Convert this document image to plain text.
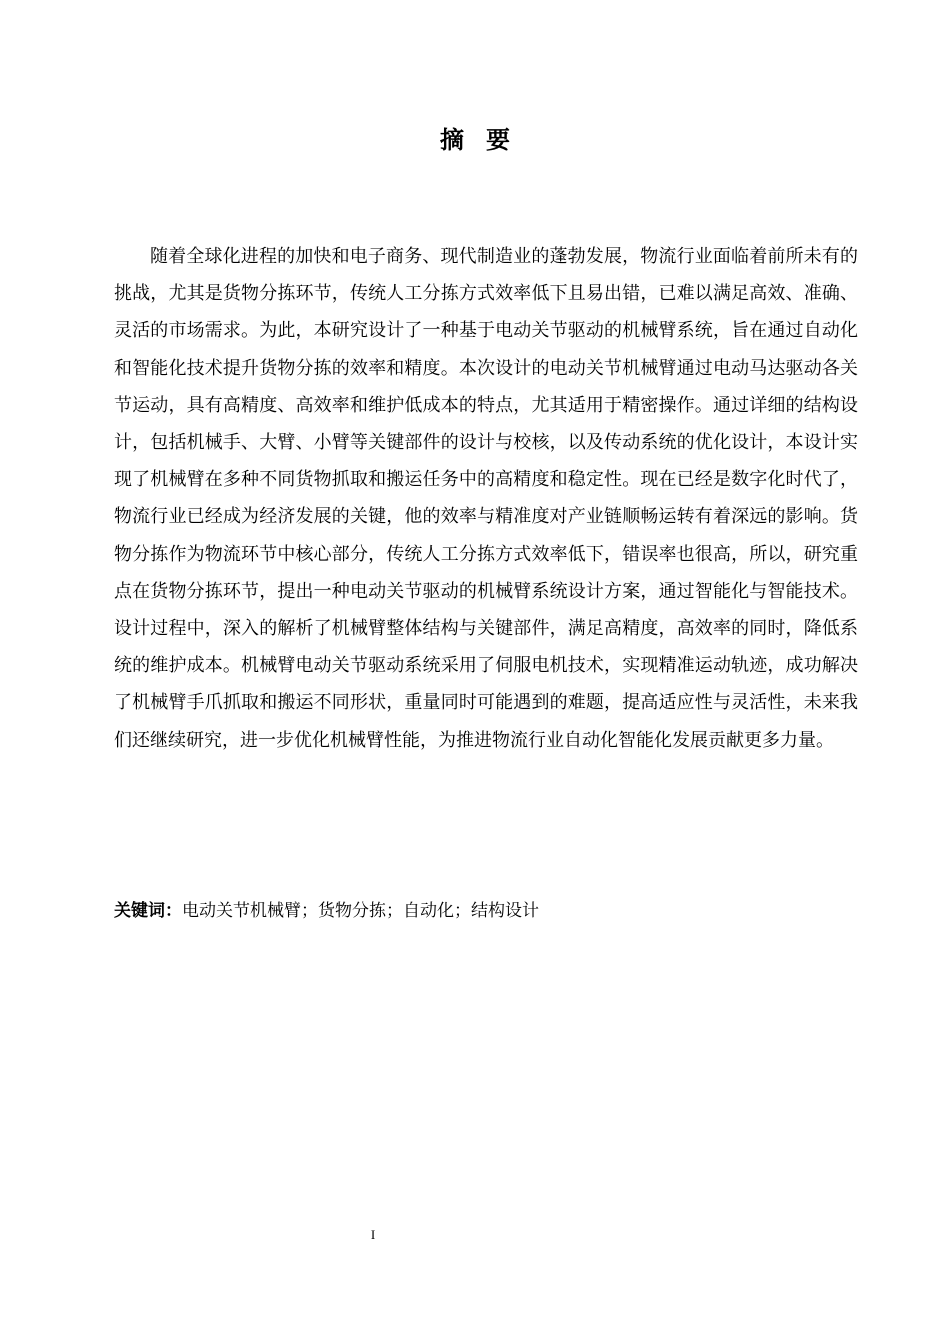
摘要

随着全球化进程的加快和电子商务、现代制造业的蓬勃发展，物流行业面临着前所未有的挑战，尤其是货物分拣环节，传统人工分拣方式效率低下且易出错，已难以满足高效、准确、灵活的市场需求。为此，本研究设计了一种基于电动关节驱动的机械臂系统，旨在通过自动化和智能化技术提升货物分拣的效率和精度。本次设计的电动关节机械臂通过电动马达驱动各关节运动，具有高精度、高效率和维护低成本的特点，尤其适用于精密操作。通过详细的结构设计，包括机械手、大臂、小臂等关键部件的设计与校核，以及传动系统的优化设计，本设计实现了机械臂在多种不同货物抓取和搬运任务中的高精度和稳定性。现在已经是数字化时代了，物流行业已经成为经济发展的关键，他的效率与精准度对产业链顺畅运转有着深远的影响。货物分拣作为物流环节中核心部分，传统人工分拣方式效率低下，错误率也很高，所以，研究重点在货物分拣环节，提出一种电动关节驱动的机械臂系统设计方案，通过智能化与智能技术。设计过程中，深入的解析了机械臂整体结构与关键部件，满足高精度，高效率的同时，降低系统的维护成本。机械臂电动关节驱动系统采用了伺服电机技术，实现精准运动轨迹，成功解决了机械臂手爪抓取和搬运不同形状，重量同时可能遇到的难题，提高适应性与灵活性，未来我们还继续研究，进一步优化机械臂性能，为推进物流行业自动化智能化发展贡献更多力量。

关键词：电动关节机械臂；货物分拣；自动化；结构设计
I
